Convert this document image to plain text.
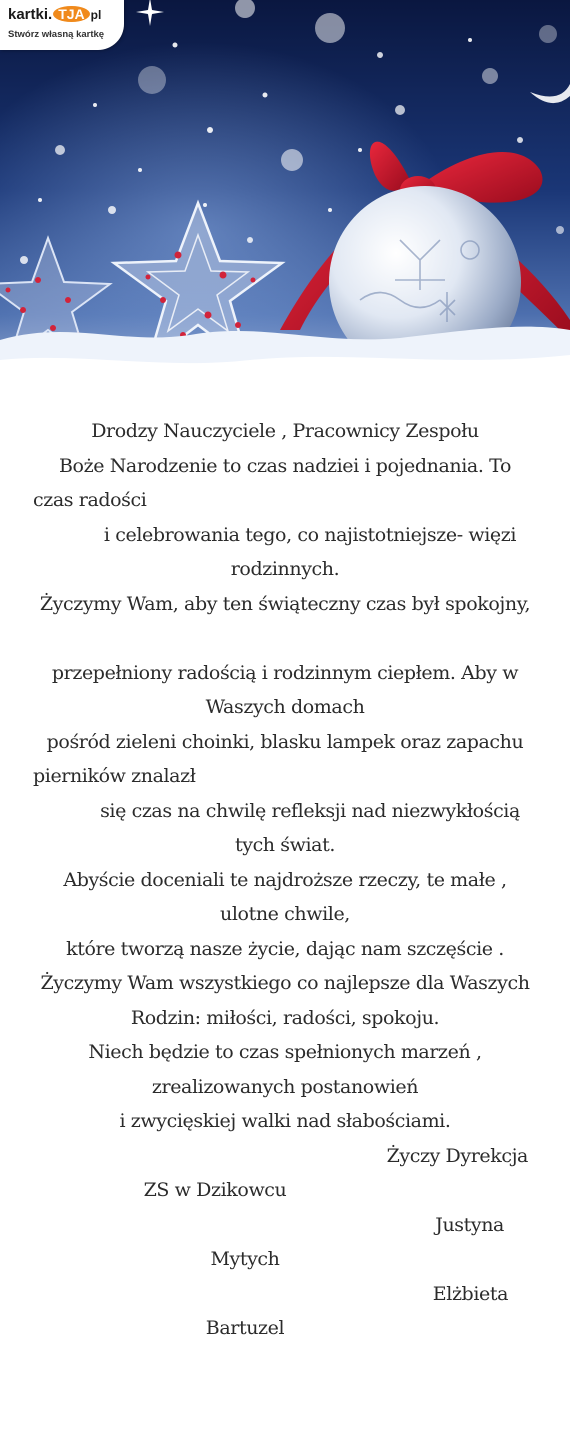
kartki. TJA pl
Stwórz własną kartkę
Drodzy Nauczyciele , Pracownicy Zespołu
Boże Narodzenie to czas nadziei i pojednania. To
czas radości
i celebrowania tego, co najistotniejsze- więzi
rodzinnych.
Życzymy Wam, aby ten świąteczny czas był spokojny,
przepełniony radością i rodzinnym ciepłem. Aby w
Waszych domach
pośród zieleni choinki, blasku lampek oraz zapachu
pierników znalazł
się czas na chwilę refleksji nad niezwykłością
tych świat.
Abyście doceniali te najdroższe rzeczy, te małe ,
ulotne chwile,
które tworzą nasze życie, dając nam szczęście .
Życzymy Wam wszystkiego co najlepsze dla Waszych
Rodzin: miłości, radości, spokoju.
Niech będzie to czas spełnionych marzeń ,
zrealizowanych postanowień
i zwycięskiej walki nad słabościami.
Życzy Dyrekcja
ZS w Dzikowcu
Justyna
Mytych
Elżbieta
Bartuzel
